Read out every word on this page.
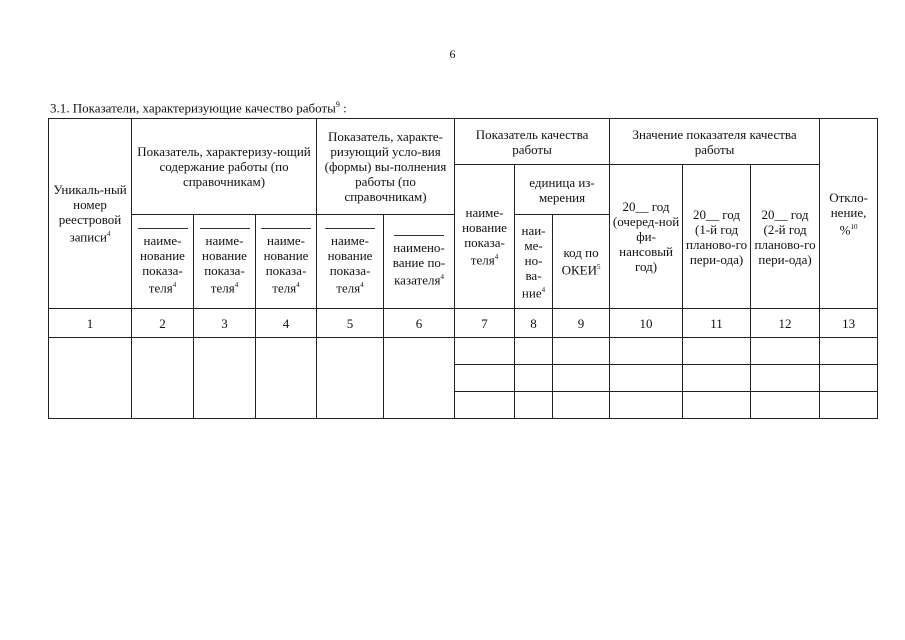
6
3.1. Показатели, характеризующие качество работы$^9$ :
Уникаль-ный номер реестровой записи$^4$	Показатель, характеризу-ющий содержание работы (по справочникам)			Показатель, характе-ризующий усло-вия (формы) вы-полнения работы (по справочникам)		Показатель качества работы			Значение показателя качества работы			Откло-нение, %$^{10}$
						наиме-нование показа-теля$^4$	единица из-мерения		20__ год (очеред-ной фи-нансовый год)	20__ год (1-й год планово-го пери-ода)	20__ год (2-й год планово-го пери-ода)	

наиме-нование показа-теля$^4$	наиме-нование показа-теля$^4$	наиме-нование показа-теля$^4$	наиме-нование показа-теля$^4$	наимено-вание по-казателя$^4$		наи-ме-но-ва-ние$^4$	код по ОКЕИ$^5$

1	2	3	4	5	6	7	8	9	10	11	12	13
